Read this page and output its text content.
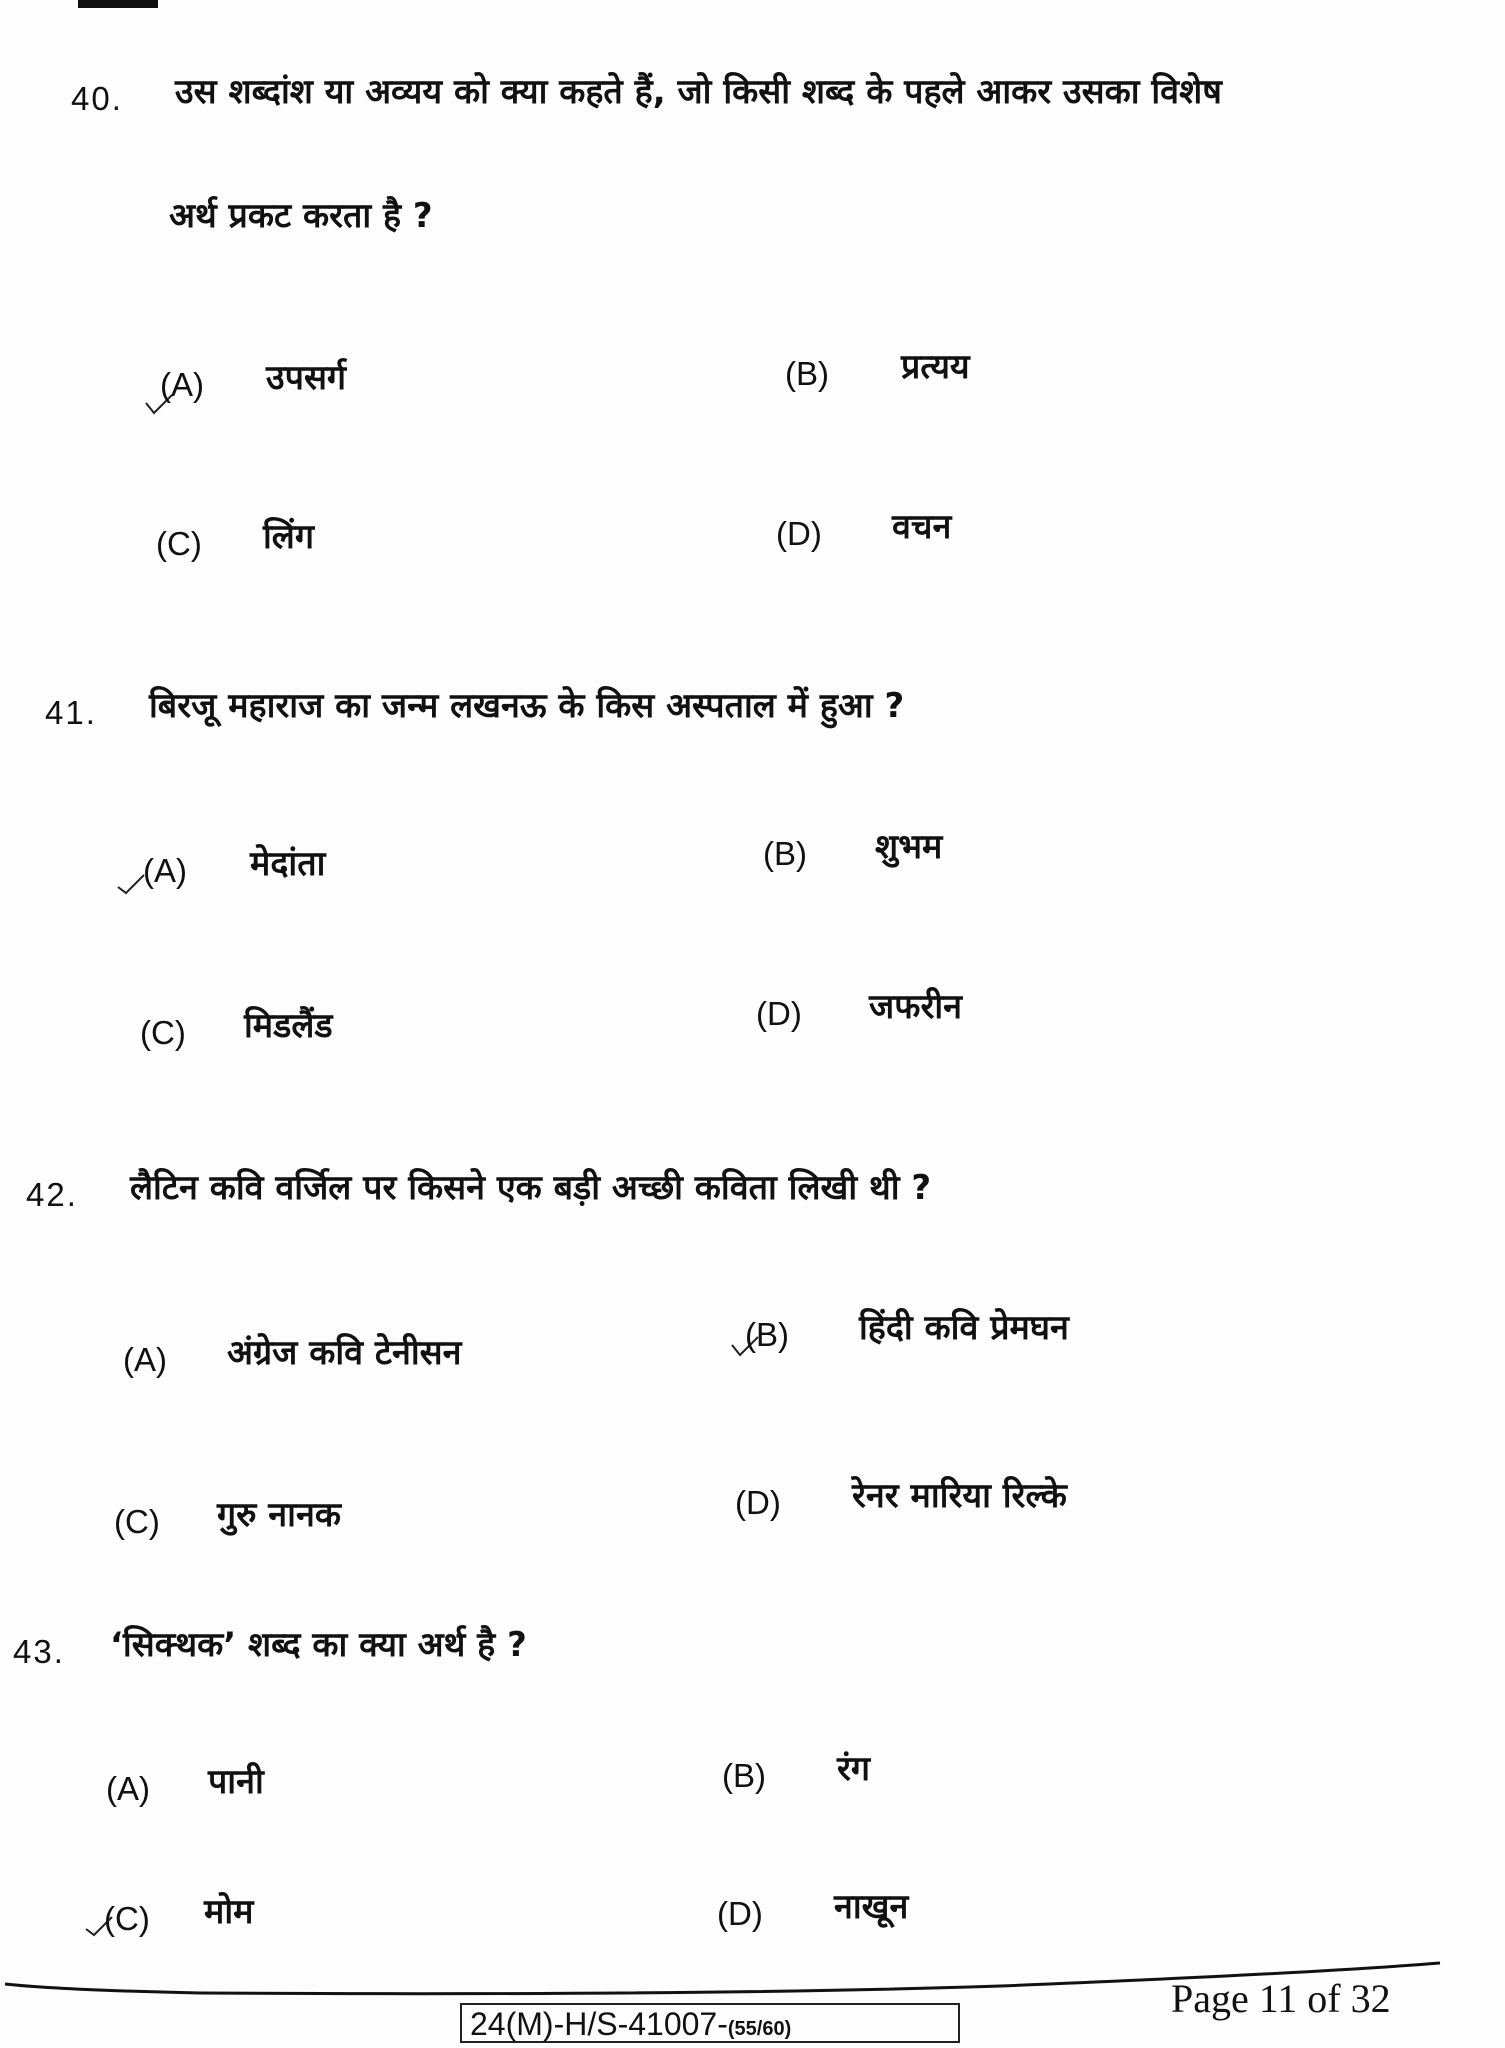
40. उस शब्दांश या अव्यय को क्या कहते हैं, जो किसी शब्द के पहले आकर उसका विशेष
अर्थ प्रकट करता है ?
(A) उपसर्ग	(B) प्रत्यय
(C) लिंग	(D) वचन
41. बिरजू महाराज का जन्म लखनऊ के किस अस्पताल में हुआ ?
(A) मेदांता	(B) शुभम
(C) मिडलैंड	(D) जफरीन
42. लैटिन कवि वर्जिल पर किसने एक बड़ी अच्छी कविता लिखी थी ?
(A) अंग्रेज कवि टेनीसन	(B) हिंदी कवि प्रेमघन
(C) गुरु नानक	(D) रेनर मारिया रिल्के
43. ‘सिक्थक’ शब्द का क्या अर्थ है ?
(A) पानी	(B) रंग
(C) मोम	(D) नाखून
24(M)-H/S-41007-(55/60)
Page 11 of 32
